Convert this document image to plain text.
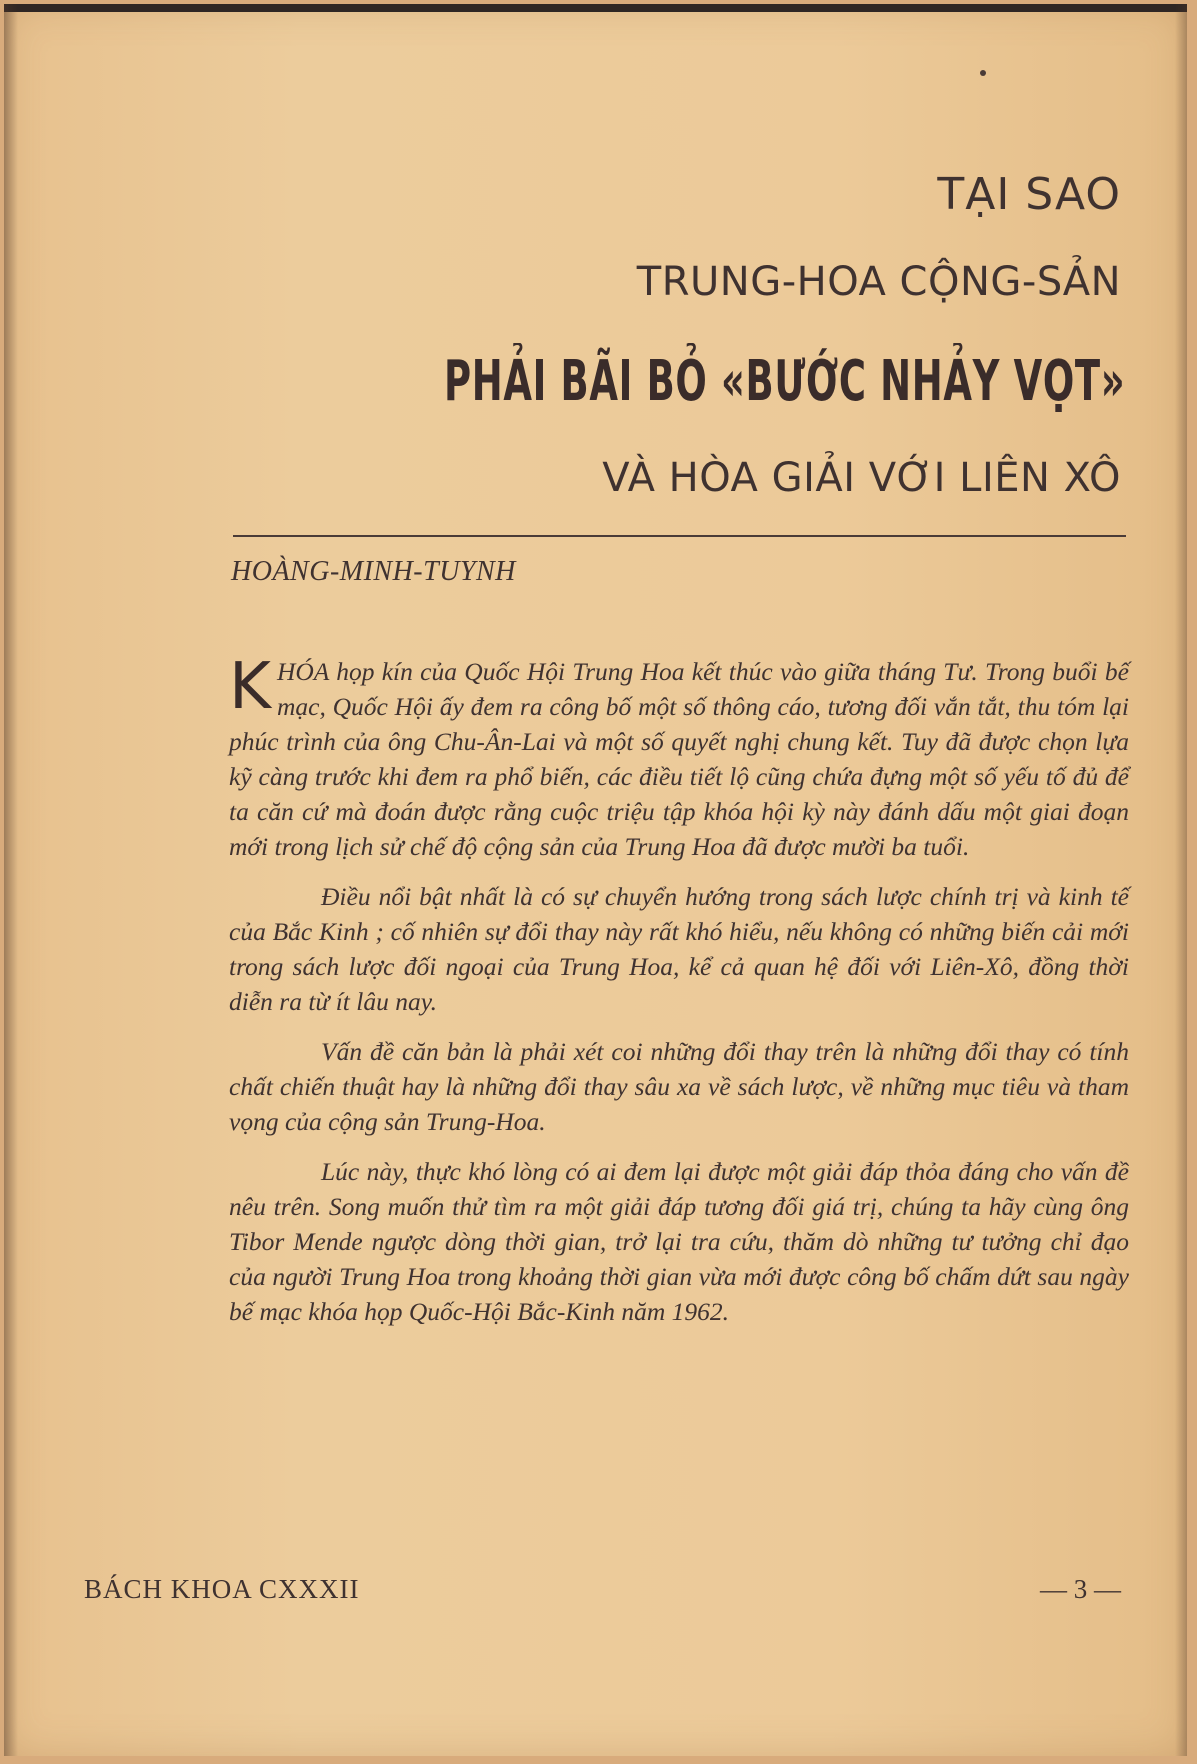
TẠI SAO
TRUNG-HOA CỘNG-SẢN
PHẢI BÃI BỎ «BƯỚC NHẢY VỌT»
VÀ HÒA GIẢI VỚI LIÊN XÔ
HOÀNG-MINH-TUYNH

KHÓA họp kín của Quốc Hội Trung Hoa kết thúc vào giữa tháng Tư. Trong buổi bế mạc, Quốc Hội ấy đem ra công bố một số thông cáo, tương đối vắn tắt, thu tóm lại phúc trình của ông Chu-Ân-Lai và một số quyết nghị chung kết. Tuy đã được chọn lựa kỹ càng trước khi đem ra phổ biến, các điều tiết lộ cũng chứa đựng một số yếu tố đủ để ta căn cứ mà đoán được rằng cuộc triệu tập khóa hội kỳ này đánh dấu một giai đoạn mới trong lịch sử chế độ cộng sản của Trung Hoa đã được mười ba tuổi.

Điều nổi bật nhất là có sự chuyển hướng trong sách lược chính trị và kinh tế của Bắc Kinh ; cố nhiên sự đổi thay này rất khó hiểu, nếu không có những biến cải mới trong sách lược đối ngoại của Trung Hoa, kể cả quan hệ đối với Liên-Xô, đồng thời diễn ra từ ít lâu nay.

Vấn đề căn bản là phải xét coi những đổi thay trên là những đổi thay có tính chất chiến thuật hay là những đổi thay sâu xa về sách lược, về những mục tiêu và tham vọng của cộng sản Trung-Hoa.

Lúc này, thực khó lòng có ai đem lại được một giải đáp thỏa đáng cho vấn đề nêu trên. Song muốn thử tìm ra một giải đáp tương đối giá trị, chúng ta hãy cùng ông Tibor Mende ngược dòng thời gian, trở lại tra cứu, thăm dò những tư tưởng chỉ đạo của người Trung Hoa trong khoảng thời gian vừa mới được công bố chấm dứt sau ngày bế mạc khóa họp Quốc-Hội Bắc-Kinh năm 1962.

BÁCH KHOA CXXXII	— 3 —
